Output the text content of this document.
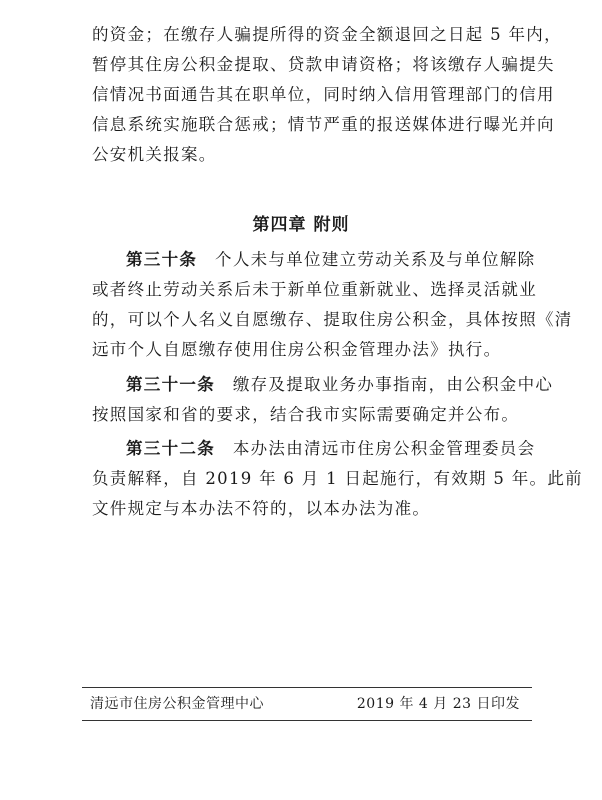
的资金；在缴存人骗提所得的资金全额退回之日起 5 年内，
暂停其住房公积金提取、贷款申请资格；将该缴存人骗提失
信情况书面通告其在职单位，同时纳入信用管理部门的信用
信息系统实施联合惩戒；情节严重的报送媒体进行曝光并向
公安机关报案。
第四章 附则
第三十条  个人未与单位建立劳动关系及与单位解除
或者终止劳动关系后未于新单位重新就业、选择灵活就业
的，可以个人名义自愿缴存、提取住房公积金，具体按照《清
远市个人自愿缴存使用住房公积金管理办法》执行。
第三十一条  缴存及提取业务办事指南，由公积金中心
按照国家和省的要求，结合我市实际需要确定并公布。
第三十二条  本办法由清远市住房公积金管理委员会
负责解释，自 2019 年 6 月 1 日起施行，有效期 5 年。此前
文件规定与本办法不符的，以本办法为准。
清远市住房公积金管理中心	2019 年 4 月 23 日印发
